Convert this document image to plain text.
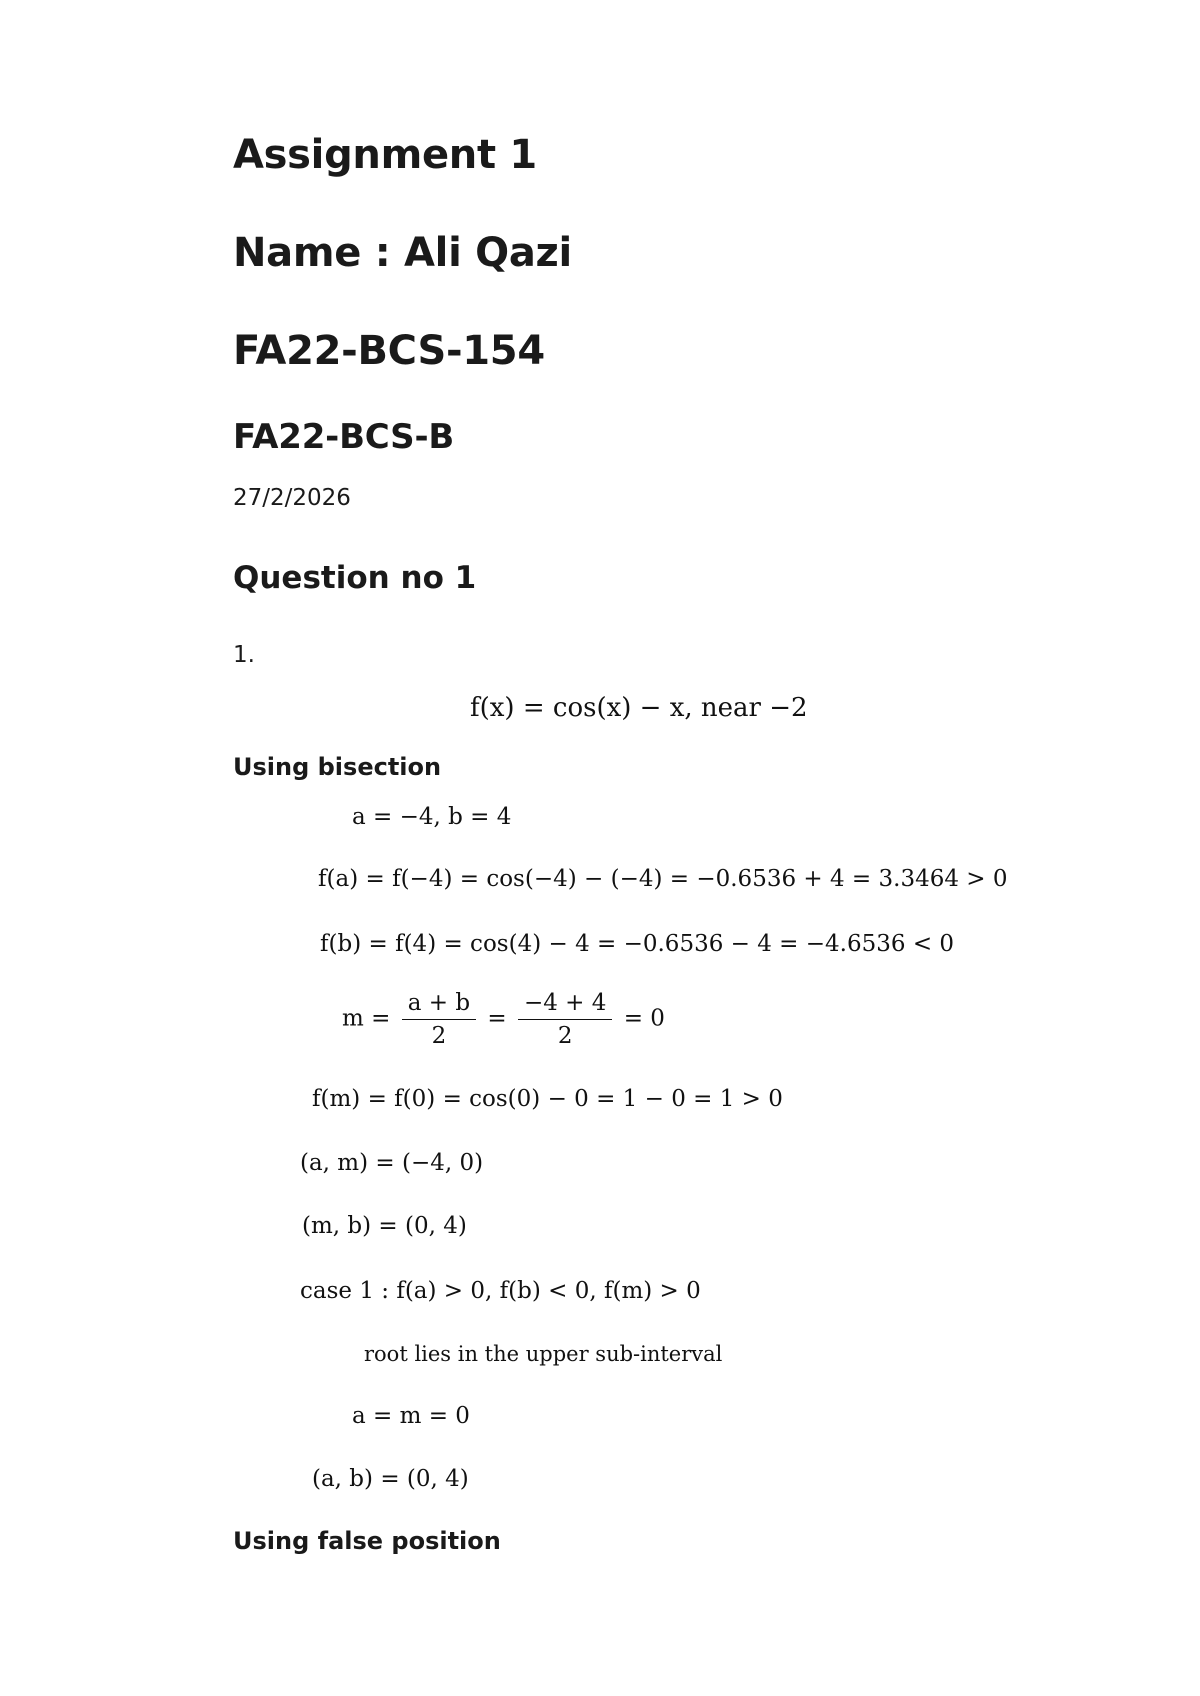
Assignment 1
Name : Ali Qazi
FA22-BCS-154
FA22-BCS-B
27/2/2026
Question no 1
1.
f(x) = cos(x) − x, near −2
Using bisection
a = −4, b = 4
f(a) = f(−4) = cos(−4) − (−4) = −0.6536 + 4 = 3.3464 > 0
f(b) = f(4) = cos(4) − 4 = −0.6536 − 4 = −4.6536 < 0
$m = \frac{a + b}{2} = \frac{-4 + 4}{2} = 0$
f(m) = f(0) = cos(0) − 0 = 1 − 0 = 1 > 0
(a, m) = (−4, 0)
(m, b) = (0, 4)
case 1 : f(a) > 0, f(b) < 0, f(m) > 0
root lies in the upper sub-interval
a = m = 0
(a, b) = (0, 4)
Using false position
